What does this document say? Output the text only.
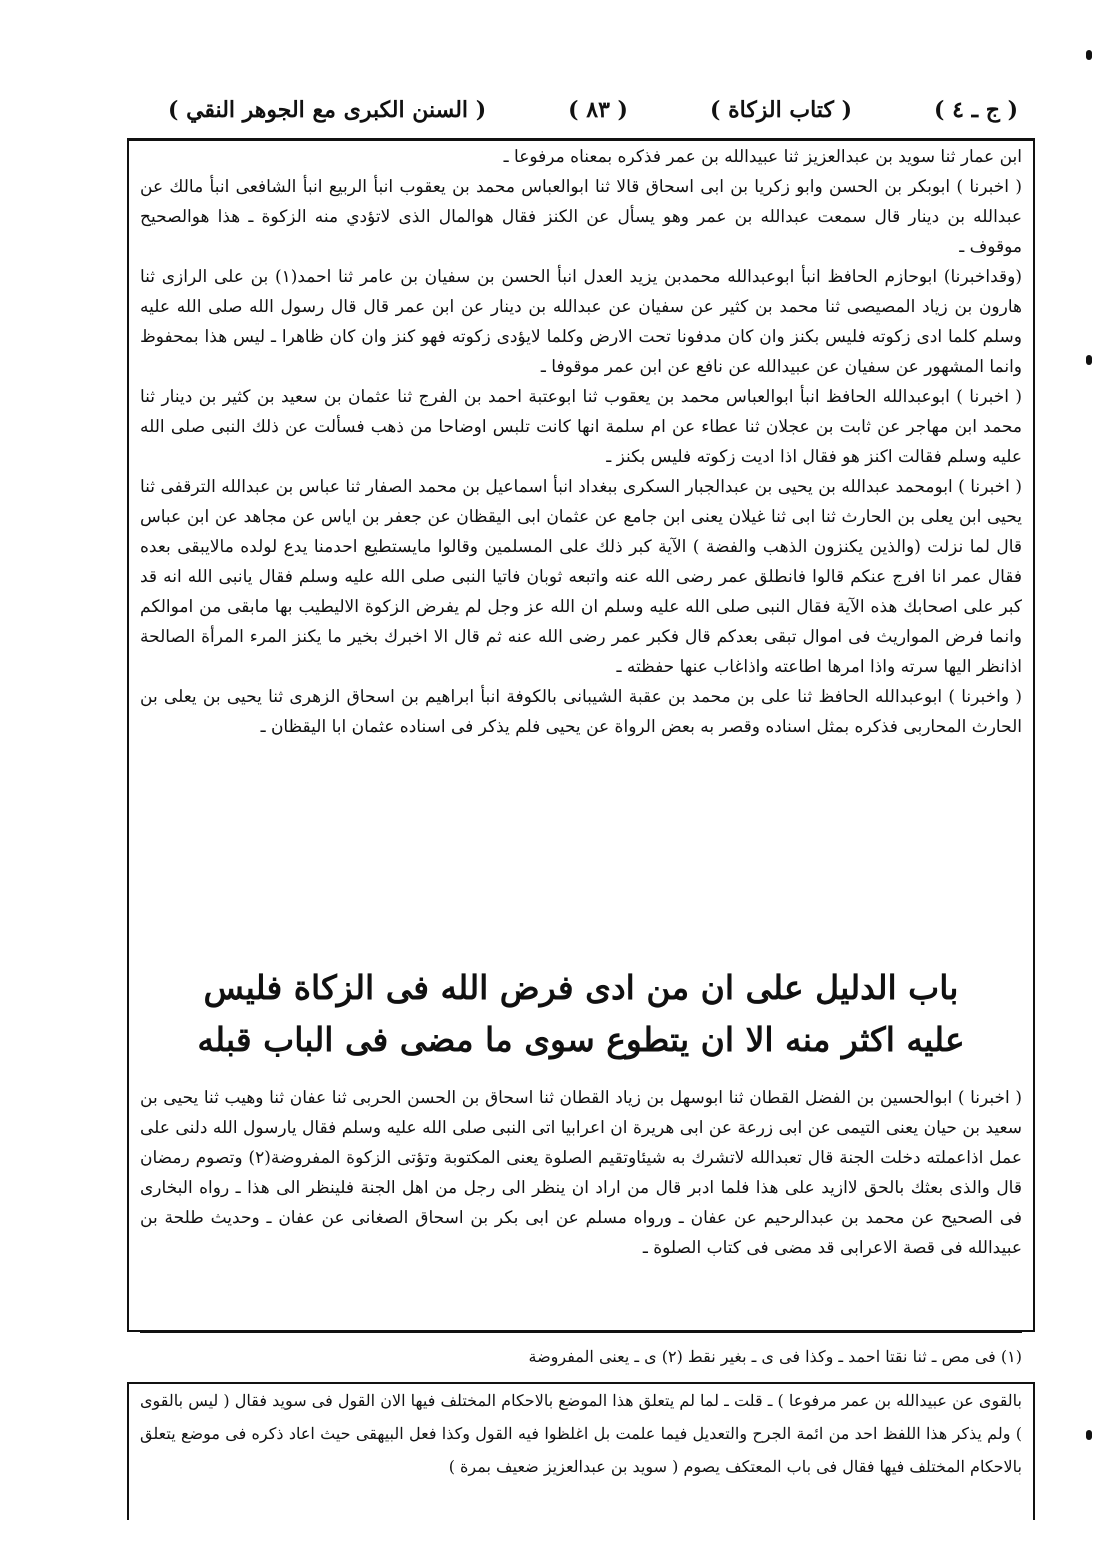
( السنن الكبرى مع الجوهر النقي )	( ٨٣ )	( كتاب الزكاة )	( ج ـ ٤ )

ابن عمار ثنا سويد بن عبدالعزيز ثنا عبيدالله بن عمر فذكره بمعناه مرفوعا ـ

( اخبرنا ) ابوبكر بن الحسن وابو زكريا بن ابى اسحاق قالا ثنا ابوالعباس محمد بن يعقوب انبأ الربيع انبأ الشافعى انبأ مالك عن عبدالله بن دينار قال سمعت عبدالله بن عمر وهو يسأل عن الكنز فقال هوالمال الذى لاتؤدي منه الزكوة ـ هذا هوالصحيح موقوف ـ

(وقداخبرنا) ابوحازم الحافظ انبأ ابوعبدالله محمدبن يزيد العدل انبأ الحسن بن سفيان بن عامر ثنا احمد(١) بن على الرازى ثنا هارون بن زياد المصيصى ثنا محمد بن كثير عن سفيان عن عبدالله بن دينار عن ابن عمر قال قال رسول الله صلى الله عليه وسلم كلما ادى زكوته فليس بكنز وان كان مدفونا تحت الارض وكلما لايؤدى زكوته فهو كنز وان كان ظاهرا ـ ليس هذا بمحفوظ وانما المشهور عن سفيان عن عبيدالله عن نافع عن ابن عمر موقوفا ـ

( اخبرنا ) ابوعبدالله الحافظ انبأ ابوالعباس محمد بن يعقوب ثنا ابوعتبة احمد بن الفرج ثنا عثمان بن سعيد بن كثير بن دينار ثنا محمد ابن مهاجر عن ثابت بن عجلان ثنا عطاء عن ام سلمة انها كانت تلبس اوضاحا من ذهب فسألت عن ذلك النبى صلى الله عليه وسلم فقالت اكنز هو فقال اذا اديت زكوته فليس بكنز ـ

( اخبرنا ) ابومحمد عبدالله بن يحيى بن عبدالجبار السكرى ببغداد انبأ اسماعيل بن محمد الصفار ثنا عباس بن عبدالله الترقفى ثنا يحيى ابن يعلى بن الحارث ثنا ابى ثنا غيلان يعنى ابن جامع عن عثمان ابى اليقظان عن جعفر بن اياس عن مجاهد عن ابن عباس قال لما نزلت (والذين يكنزون الذهب والفضة ) الآية كبر ذلك على المسلمين وقالوا مايستطيع احدمنا يدع لولده مالايبقى بعده فقال عمر انا افرج عنكم قالوا فانطلق عمر رضى الله عنه واتبعه ثوبان فاتيا النبى صلى الله عليه وسلم فقال يانبى الله انه قد كبر على اصحابك هذه الآية فقال النبى صلى الله عليه وسلم ان الله عز وجل لم يفرض الزكوة الاليطيب بها مابقى من اموالكم وانما فرض المواريث فى اموال تبقى بعدكم قال فكبر عمر رضى الله عنه ثم قال الا اخبرك بخير ما يكنز المرء المرأة الصالحة اذانظر اليها سرته واذا امرها اطاعته واذاغاب عنها حفظته ـ

( واخبرنا ) ابوعبدالله الحافظ ثنا على بن محمد بن عقبة الشيبانى بالكوفة انبأ ابراهيم بن اسحاق الزهرى ثنا يحيى بن يعلى بن الحارث المحاربى فذكره بمثل اسناده وقصر به بعض الرواة عن يحيى فلم يذكر فى اسناده عثمان ابا اليقظان ـ

باب الدليل على ان من ادى فرض الله فى الزكاة فليس

عليه اكثر منه الا ان يتطوع سوى ما مضى فى الباب قبله

( اخبرنا ) ابوالحسين بن الفضل القطان ثنا ابوسهل بن زياد القطان ثنا اسحاق بن الحسن الحربى ثنا عفان ثنا وهيب ثنا يحيى بن سعيد بن حيان يعنى التيمى عن ابى زرعة عن ابى هريرة ان اعرابيا اتى النبى صلى الله عليه وسلم فقال يارسول الله دلنى على عمل اذاعملته دخلت الجنة قال تعبدالله لاتشرك به شيئاوتقيم الصلوة يعنى المكتوبة وتؤتى الزكوة المفروضة(٢) وتصوم رمضان قال والذى بعثك بالحق لاازيد على هذا فلما ادبر قال من اراد ان ينظر الى رجل من اهل الجنة فلينظر الى هذا ـ رواه البخارى فى الصحيح عن محمد بن عبدالرحيم عن عفان ـ ورواه مسلم عن ابى بكر بن اسحاق الصغانى عن عفان ـ وحديث طلحة بن عبيدالله فى قصة الاعرابى قد مضى فى كتاب الصلوة ـ

(١) فى مص ـ ثنا نقتا احمد ـ وكذا فى ى ـ بغير نقط (٢) ى ـ يعنى المفروضة

بالقوى عن عبيدالله بن عمر مرفوعا ) ـ قلت ـ لما لم يتعلق هذا الموضع بالاحكام المختلف فيها الان القول فى سويد فقال ( ليس بالقوى ) ولم يذكر هذا اللفظ احد من ائمة الجرح والتعديل فيما علمت بل اغلظوا فيه القول وكذا فعل البيهقى حيث اعاد ذكره فى موضع يتعلق بالاحكام المختلف فيها فقال فى باب المعتكف يصوم ( سويد بن عبدالعزيز ضعيف بمرة )
